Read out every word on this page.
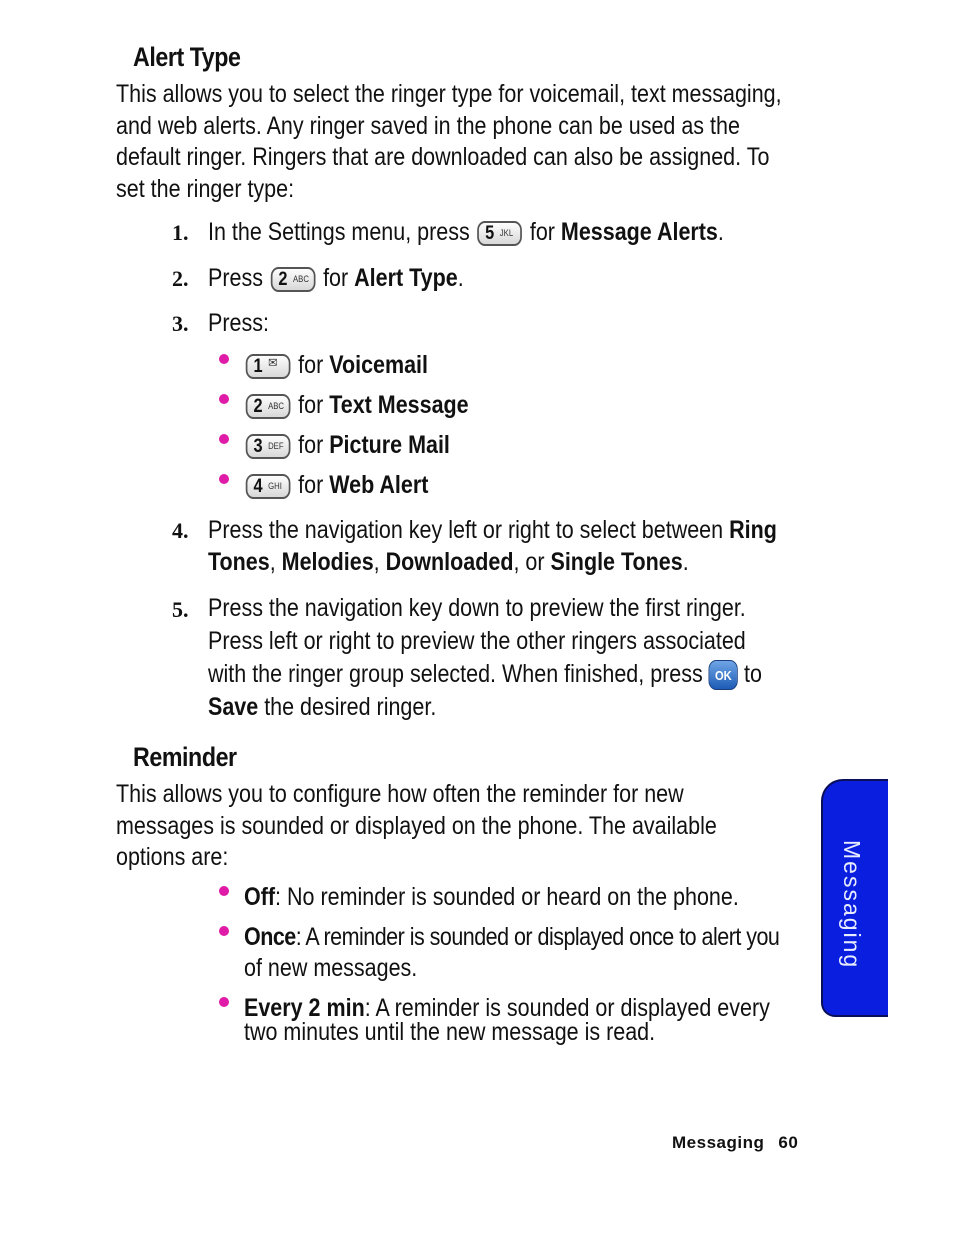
Alert Type
This allows you to select the ringer type for voicemail, text messaging, and web alerts. Any ringer saved in the phone can be used as the default ringer. Ringers that are downloaded can also be assigned. To set the ringer type:
1. In the Settings menu, press 5 JKL for Message Alerts.
2. Press 2 ABC for Alert Type.
3. Press:
1 ✉ for Voicemail
2 ABC for Text Message
3 DEF for Picture Mail
4 GHI for Web Alert
4. Press the navigation key left or right to select between Ring
Tones, Melodies, Downloaded, or Single Tones.
5. Press the navigation key down to preview the first ringer.
Press left or right to preview the other ringers associated
with the ringer group selected. When finished, press OK to
Save the desired ringer.
Reminder
This allows you to configure how often the reminder for new messages is sounded or displayed on the phone. The available options are:
Off: No reminder is sounded or heard on the phone.
Once: A reminder is sounded or displayed once to alert you
of new messages.
Every 2 min: A reminder is sounded or displayed every
two minutes until the new message is read.
Messaging
Messaging 60
